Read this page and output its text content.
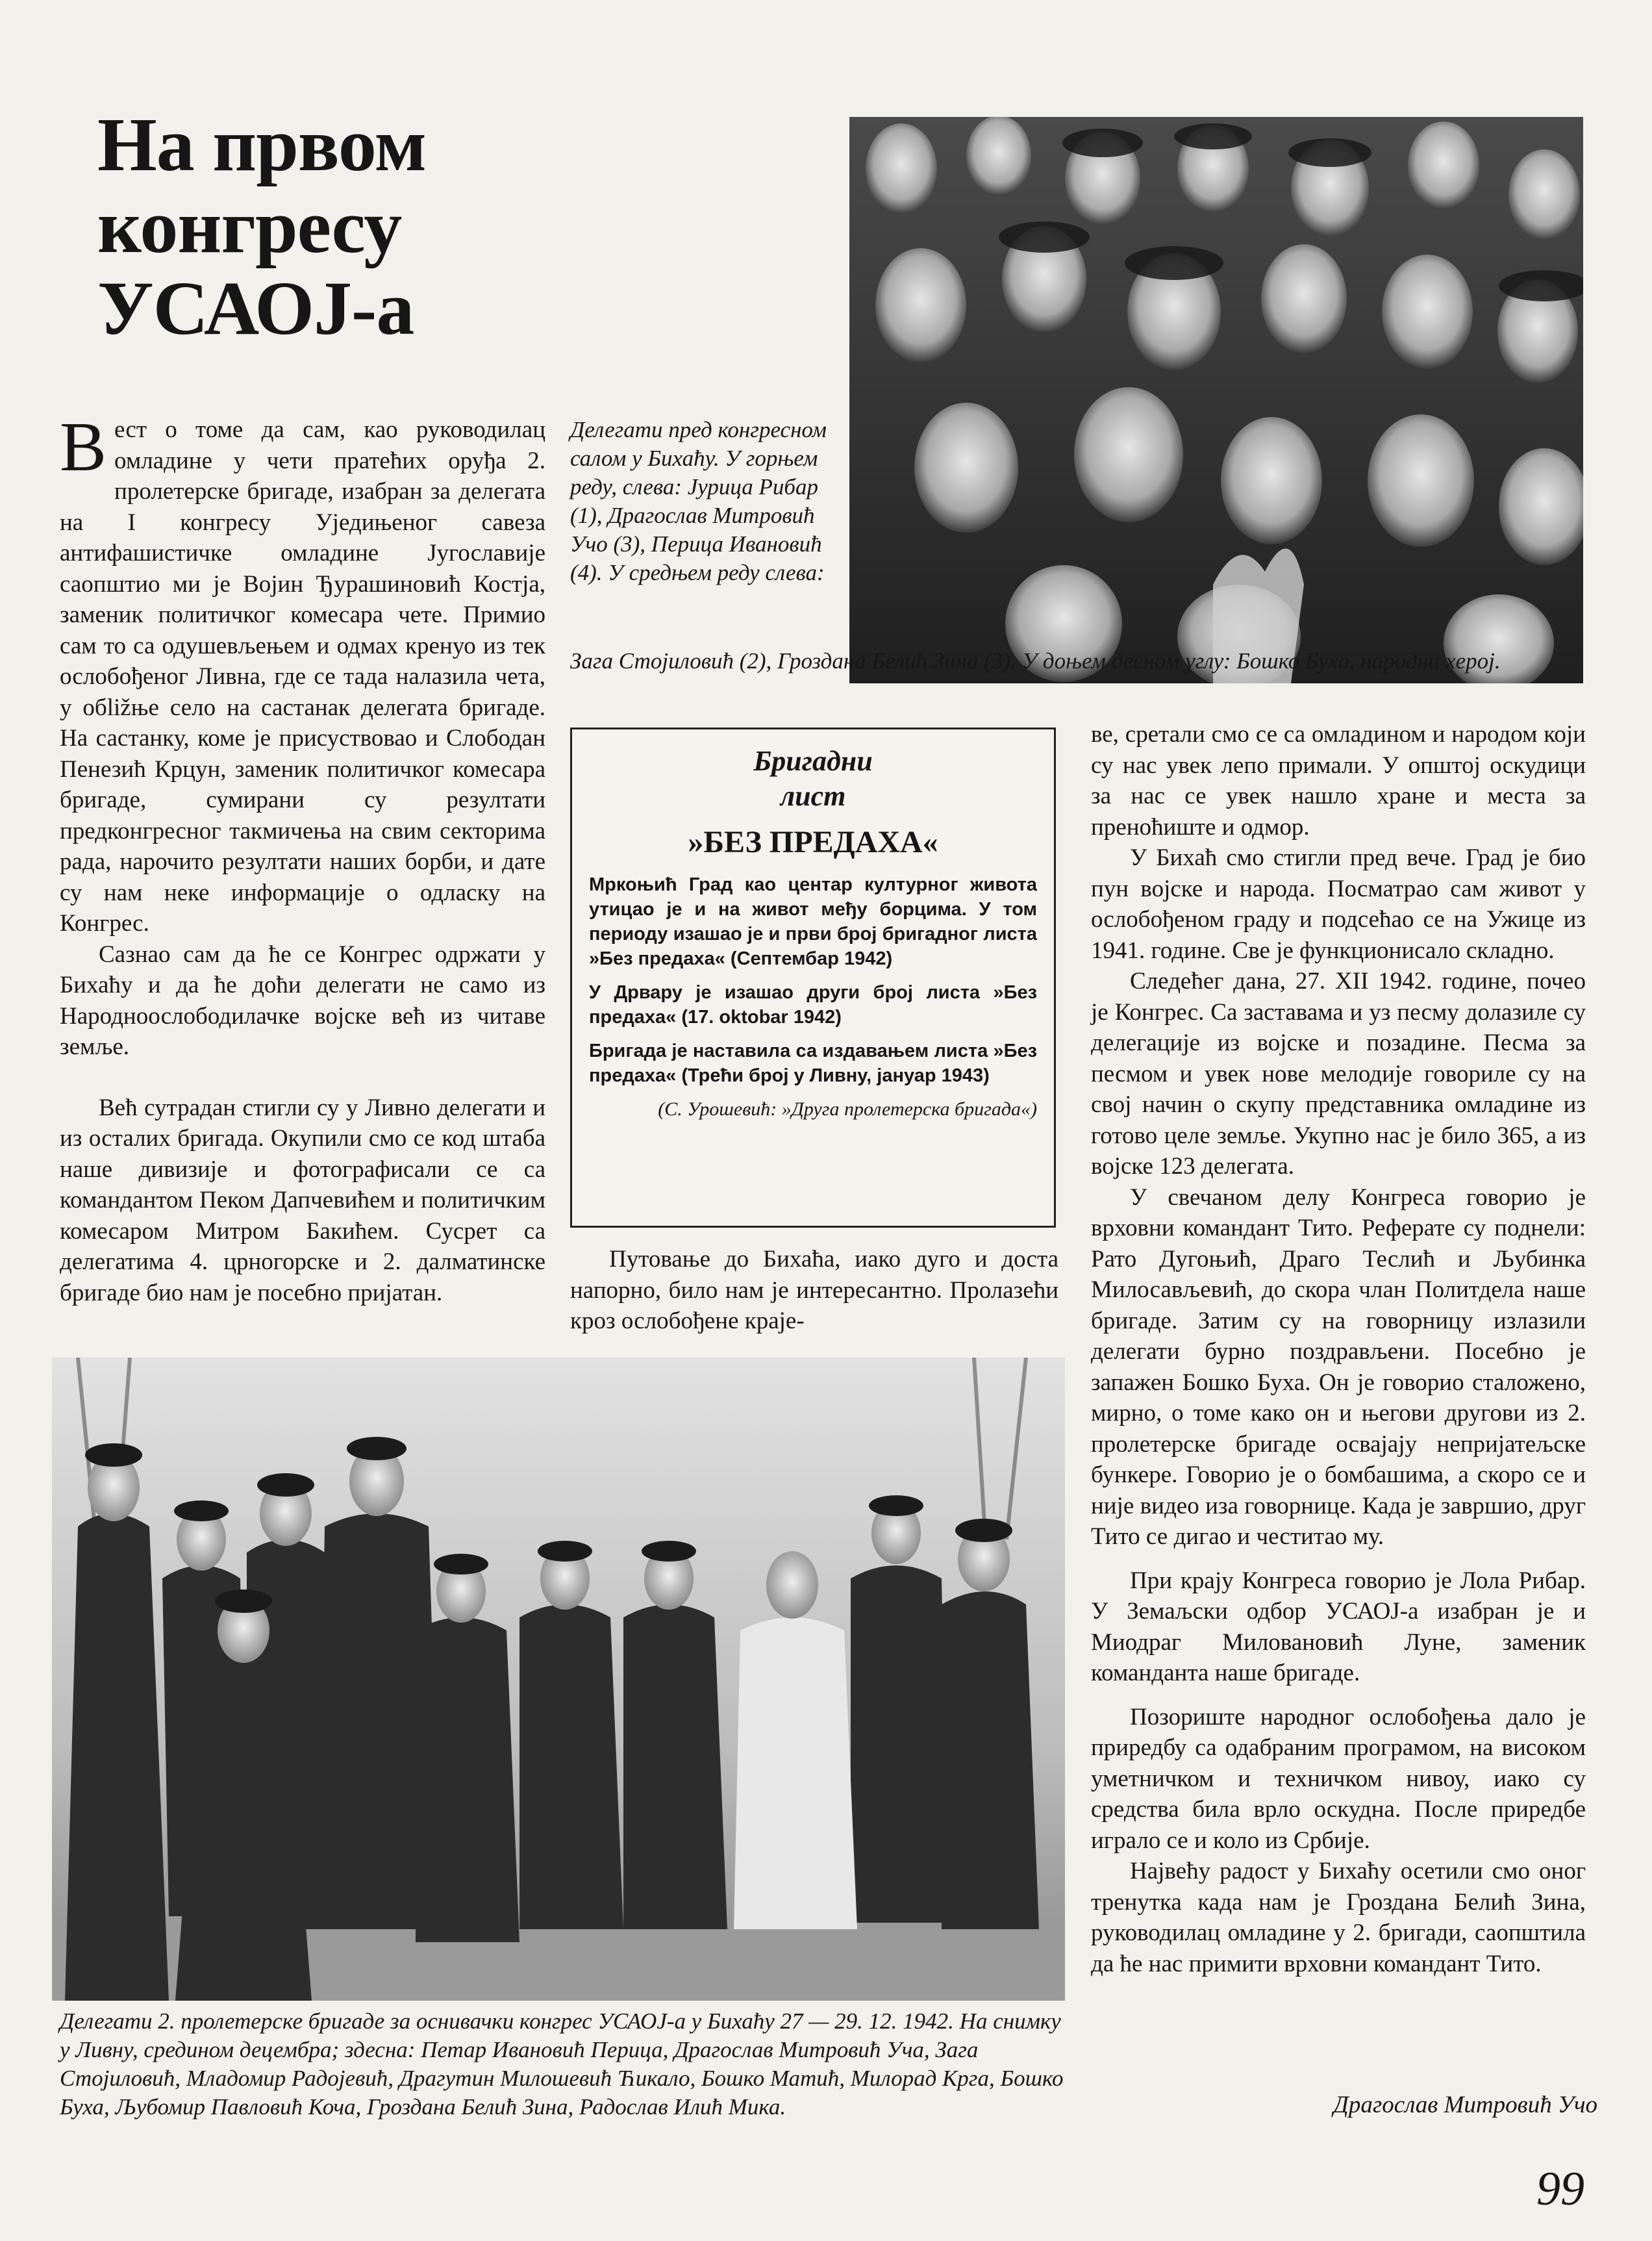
На првом
конгресу
УСАОЈ-а

Делегати пред конгресном салом у Бихаћу. У горњем реду, слева: Јурица Рибар (1), Драгослав Митровић Учо (3), Перица Ивановић (4). У средњем реду слева:

Загa Стојиловић (2), Гроздана Белић Зина (3). У доњем десном углу: Бошко Буха, народни херој.

Вест о томе да сам, као руководилац омладине у чети пратећих оруђа 2. пролетерске бригаде, изабран за делегата на I конгресу Уједињеног савеза антифашистичке омладине Југославије саопштио ми је Војин Ђурашиновић Костја, заменик политичког комесара чете. Примио сам то са одушевљењем и одмах кренуо из тек ослобођеног Ливна, где се тада налазила чета, у обližње село на састанак делегата бригаде. На састанку, коме је присуствовао и Слободан Пенезић Крцун, заменик политичког комесара бригаде, сумирани су резултати предконгресног такмичења на свим секторима рада, нарочито резултати наших борби, и дате су нам неке информације о одласку на Конгрес.

Сазнао сам да ће се Конгрес одржати у Бихаћу и да ће доћи делегати не само из Народноослободилачке војске већ из читаве земље.

Већ сутрадан стигли су у Ливно делегати и из осталих бригада. Окупили смо се код штаба наше дивизије и фотографисали се са командантом Пеком Дапчевићем и политичким комесаром Митром Бакићем. Сусрет са делегатима 4. црногорске и 2. далматинске бригаде био нам је посебно пријатан.

Бригадни

лист

»БЕЗ ПРЕДАХА«

Мркоњић Град као центар културног живота утицао је и на живот међу борцима. У том периоду изашао је и први број бригадног листа »Без предаха« (Септембар 1942)

У Дрвару је изашао други број листа »Без предаха« (17. oktobar 1942)

Бригада је наставила са издавањем листа »Без предаха« (Трећи број у Ливну, јануар 1943)

(С. Урошевић: »Друга пролетерска бригада«)

Путовање до Бихаћа, иако дуго и доста напорно, било нам је интересантно. Пролазећи кроз ослобођене краје-

ве, сретали смо се са омладином и народом који су нас увек лепо примали. У општој оскудици за нас се увек нашло хране и места за преноћиште и одмор.

У Бихаћ смо стигли пред вече. Град је био пун војске и народа. Посматрао сам живот у ослобођеном граду и подсећао се на Ужице из 1941. године. Све је функционисало складно.

Следећег дана, 27. XII 1942. године, почео је Конгрес. Са заставама и уз песму долазиле су делегације из војске и позадине. Песма за песмом и увек нове мелодије говориле су на свој начин о скупу представника омладине из готово целе земље. Укупно нас је било 365, а из војске 123 делегата.

У свечаном делу Конгреса говорио је врховни командант Тито. Реферате су поднели: Рато Дугоњић, Драго Теслић и Љубинка Милосављевић, до скора члан Политдела наше бригаде. Затим су на говорницу излазили делегати бурно поздрављени. Посебно је запажен Бошко Буха. Он је говорио сталожено, мирно, о томе како он и његови другови из 2. пролетерске бригаде освајају непријатељске бункере. Говорио је о бомбашима, а скоро се и није видео иза говорнице. Када је завршио, друг Тито се дигао и честитао му.

При крају Конгреса говорио је Лола Рибар. У Земаљски одбор УСАОЈ-а изабран је и Миодраг Миловановић Луне, заменик команданта наше бригаде.

Позориште народног ослобођења дало је приредбу са одабраним програмом, на високом уметничком и техничком нивоу, иако су средства била врло оскудна. После приредбе играло се и коло из Србије.

Највећу радост у Бихаћу осетили смо оног тренутка када нам је Гроздана Белић Зина, руководилац омладине у 2. бригади, саопштила да ће нас примити врховни командант Тито.

Делегати 2. пролетерске бригаде за оснивачки конгрес УСАОЈ-а у Бихаћу 27 — 29. 12. 1942. На снимку у Ливну, средином децембра; здесна: Петар Ивановић Перица, Драгослав Митровић Уча, Зага Стојиловић, Младомир Радојевић, Драгутин Милошевић Ћикало, Бошко Матић, Милорад Крга, Бошко Буха, Љубомир Павловић Коча, Гроздана Белић Зина, Радослав Илић Мика.	Драгослав Митровић Учо

99
